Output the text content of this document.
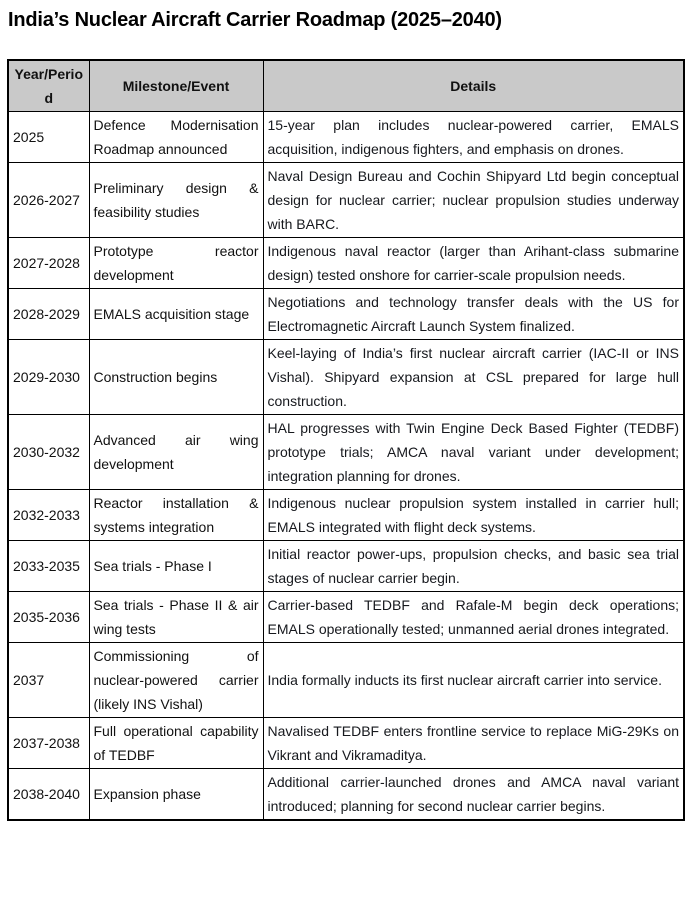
India’s Nuclear Aircraft Carrier Roadmap (2025–2040)
Year/Period	Milestone/Event	Details
2025	Defence Modernisation Roadmap announced	15-year plan includes nuclear-powered carrier, EMALS acquisition, indigenous fighters, and emphasis on drones.
2026-2027	Preliminary design & feasibility studies	Naval Design Bureau and Cochin Shipyard Ltd begin conceptual design for nuclear carrier; nuclear propulsion studies underway with BARC.
2027-2028	Prototype reactor development	Indigenous naval reactor (larger than Arihant-class submarine design) tested onshore for carrier-scale propulsion needs.
2028-2029	EMALS acquisition stage	Negotiations and technology transfer deals with the US for Electromagnetic Aircraft Launch System finalized.
2029-2030	Construction begins	Keel-laying of India’s first nuclear aircraft carrier (IAC-II or INS Vishal). Shipyard expansion at CSL prepared for large hull construction.
2030-2032	Advanced air wing development	HAL progresses with Twin Engine Deck Based Fighter (TEDBF) prototype trials; AMCA naval variant under development; integration planning for drones.
2032-2033	Reactor installation & systems integration	Indigenous nuclear propulsion system installed in carrier hull; EMALS integrated with flight deck systems.
2033-2035	Sea trials - Phase I	Initial reactor power-ups, propulsion checks, and basic sea trial stages of nuclear carrier begin.
2035-2036	Sea trials - Phase II & air wing tests	Carrier-based TEDBF and Rafale-M begin deck operations; EMALS operationally tested; unmanned aerial drones integrated.
2037	Commissioning of nuclear-powered carrier (likely INS Vishal)	India formally inducts its first nuclear aircraft carrier into service.
2037-2038	Full operational capability of TEDBF	Navalised TEDBF enters frontline service to replace MiG-29Ks on Vikrant and Vikramaditya.
2038-2040	Expansion phase	Additional carrier-launched drones and AMCA naval variant introduced; planning for second nuclear carrier begins.
